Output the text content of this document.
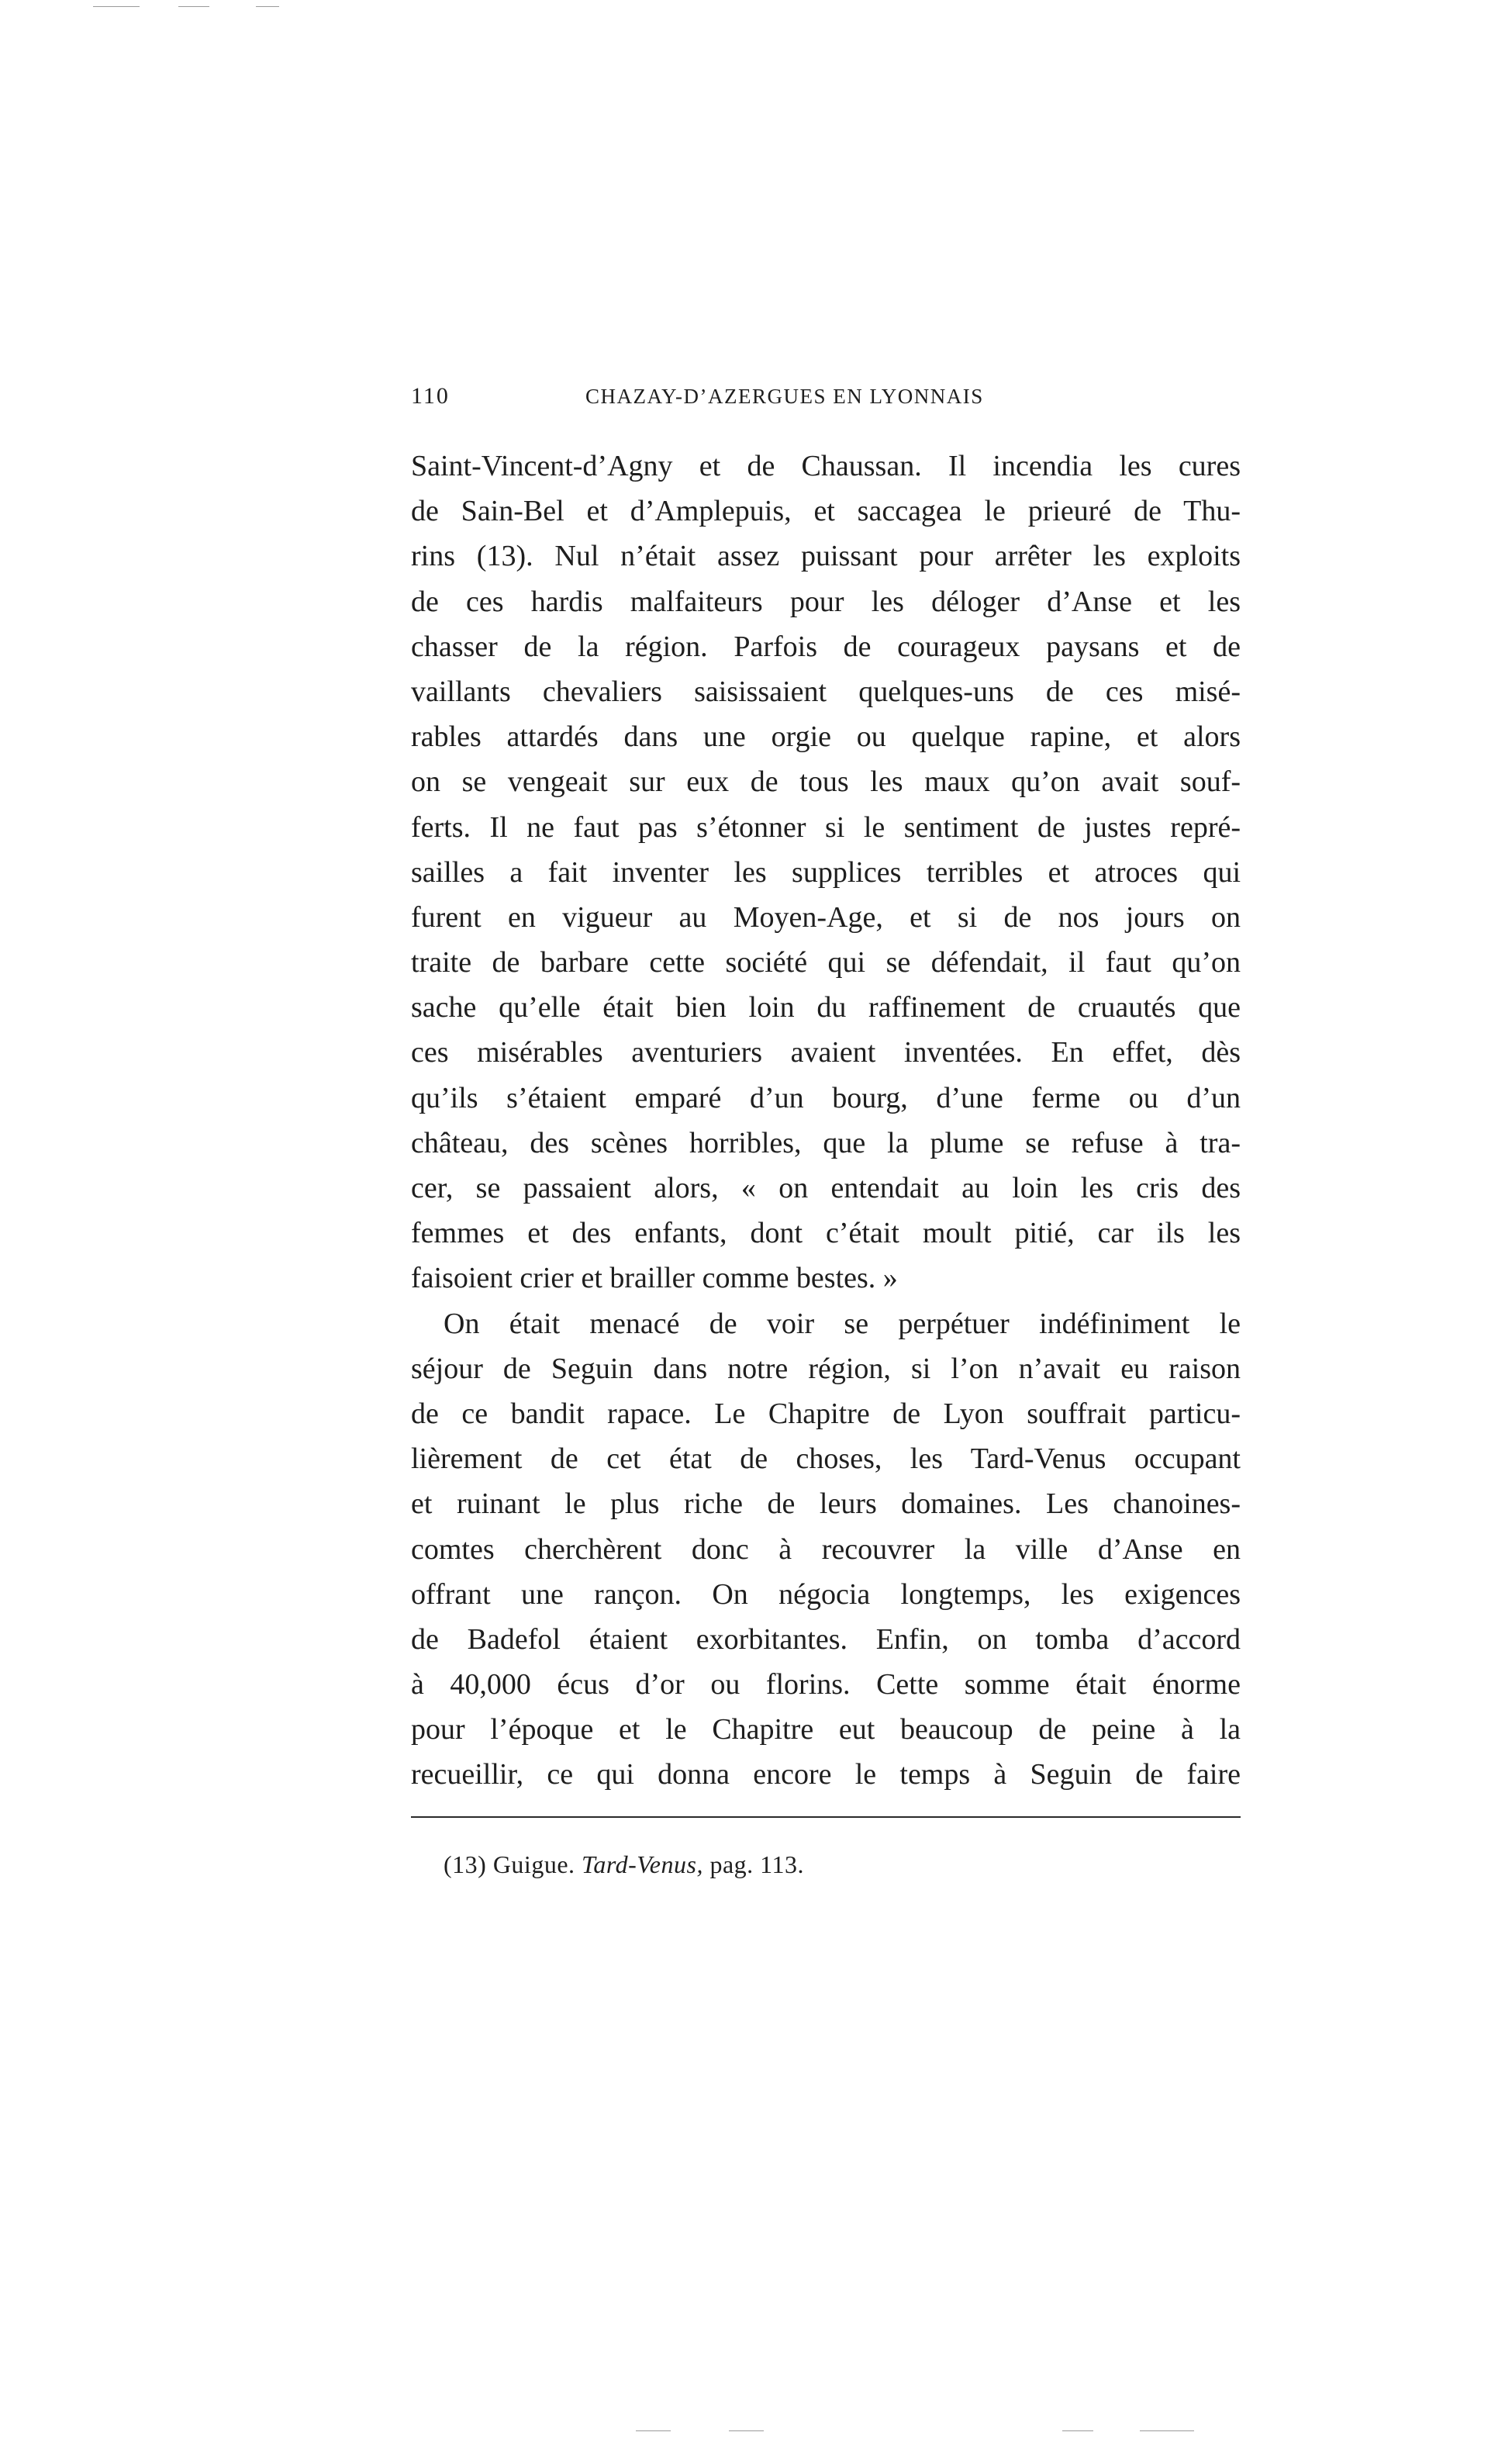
110	CHAZAY-D’AZERGUES EN LYONNAIS
Saint-Vincent-d’Agny et de Chaussan. Il incendia les cures
de Sain-Bel et d’Amplepuis, et saccagea le prieuré de Thu-
rins (13). Nul n’était assez puissant pour arrêter les exploits
de ces hardis malfaiteurs pour les déloger d’Anse et les
chasser de la région. Parfois de courageux paysans et de
vaillants chevaliers saisissaient quelques-uns de ces misé-
rables attardés dans une orgie ou quelque rapine, et alors
on se vengeait sur eux de tous les maux qu’on avait souf-
ferts. Il ne faut pas s’étonner si le sentiment de justes repré-
sailles a fait inventer les supplices terribles et atroces qui
furent en vigueur au Moyen-Age, et si de nos jours on
traite de barbare cette société qui se défendait, il faut qu’on
sache qu’elle était bien loin du raffinement de cruautés que
ces misérables aventuriers avaient inventées. En effet, dès
qu’ils s’étaient emparé d’un bourg, d’une ferme ou d’un
château, des scènes horribles, que la plume se refuse à tra-
cer, se passaient alors, « on entendait au loin les cris des
femmes et des enfants, dont c’était moult pitié, car ils les
faisoient crier et brailler comme bestes. »
On était menacé de voir se perpétuer indéfiniment le
séjour de Seguin dans notre région, si l’on n’avait eu raison
de ce bandit rapace. Le Chapitre de Lyon souffrait particu-
lièrement de cet état de choses, les Tard-Venus occupant
et ruinant le plus riche de leurs domaines. Les chanoines-
comtes cherchèrent donc à recouvrer la ville d’Anse en
offrant une rançon. On négocia longtemps, les exigences
de Badefol étaient exorbitantes. Enfin, on tomba d’accord
à 40,000 écus d’or ou florins. Cette somme était énorme
pour l’époque et le Chapitre eut beaucoup de peine à la
recueillir, ce qui donna encore le temps à Seguin de faire
(13) Guigue. Tard-Venus, pag. 113.
